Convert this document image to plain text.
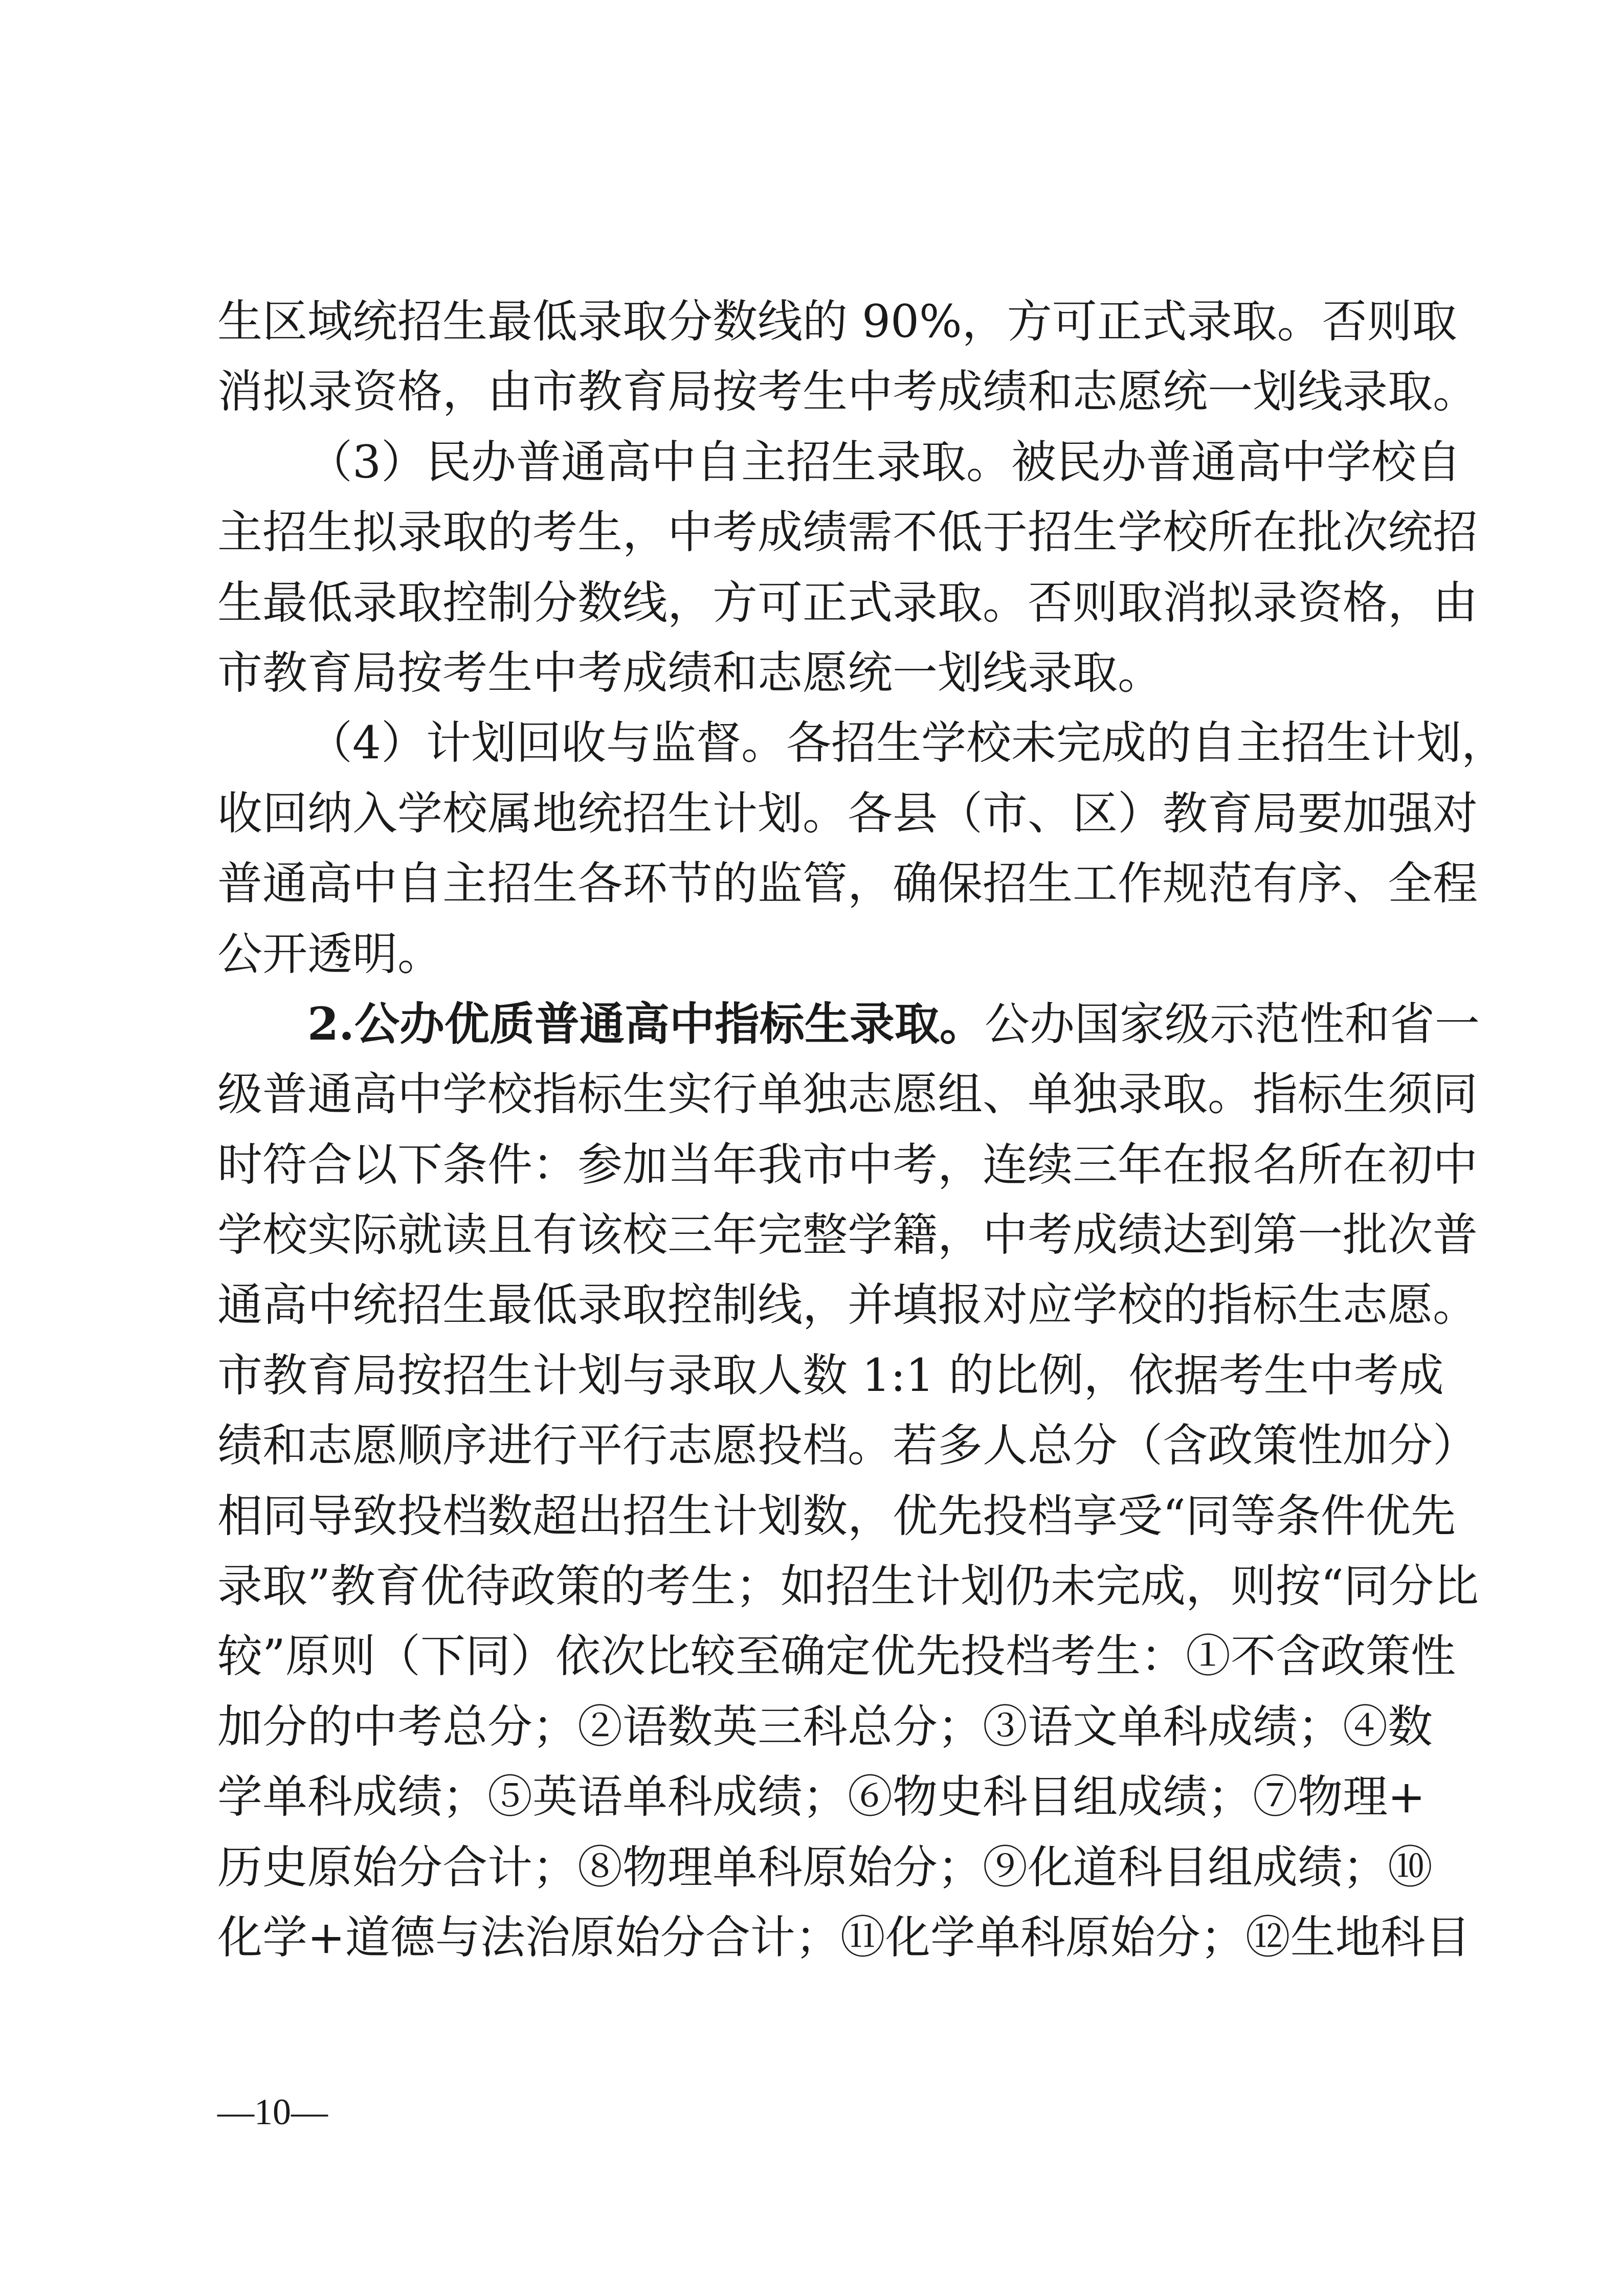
生区域统招生最低录取分数线的 90%，方可正式录取。否则取
消拟录资格，由市教育局按考生中考成绩和志愿统一划线录取。
（3）民办普通高中自主招生录取。被民办普通高中学校自
主招生拟录取的考生，中考成绩需不低于招生学校所在批次统招
生最低录取控制分数线，方可正式录取。否则取消拟录资格，由
市教育局按考生中考成绩和志愿统一划线录取。
（4）计划回收与监督。各招生学校未完成的自主招生计划，
收回纳入学校属地统招生计划。各县（市、区）教育局要加强对
普通高中自主招生各环节的监管，确保招生工作规范有序、全程
公开透明。
2.公办优质普通高中指标生录取。公办国家级示范性和省一
级普通高中学校指标生实行单独志愿组、单独录取。指标生须同
时符合以下条件：参加当年我市中考，连续三年在报名所在初中
学校实际就读且有该校三年完整学籍，中考成绩达到第一批次普
通高中统招生最低录取控制线，并填报对应学校的指标生志愿。
市教育局按招生计划与录取人数 1:1 的比例，依据考生中考成
绩和志愿顺序进行平行志愿投档。若多人总分（含政策性加分）
相同导致投档数超出招生计划数，优先投档享受“同等条件优先
录取”教育优待政策的考生；如招生计划仍未完成，则按“同分比
较”原则（下同）依次比较至确定优先投档考生：①不含政策性
加分的中考总分；②语数英三科总分；③语文单科成绩；④数
学单科成绩；⑤英语单科成绩；⑥物史科目组成绩；⑦物理+
历史原始分合计；⑧物理单科原始分；⑨化道科目组成绩；⑩
化学+道德与法治原始分合计；⑪化学单科原始分；⑫生地科目
—10—
